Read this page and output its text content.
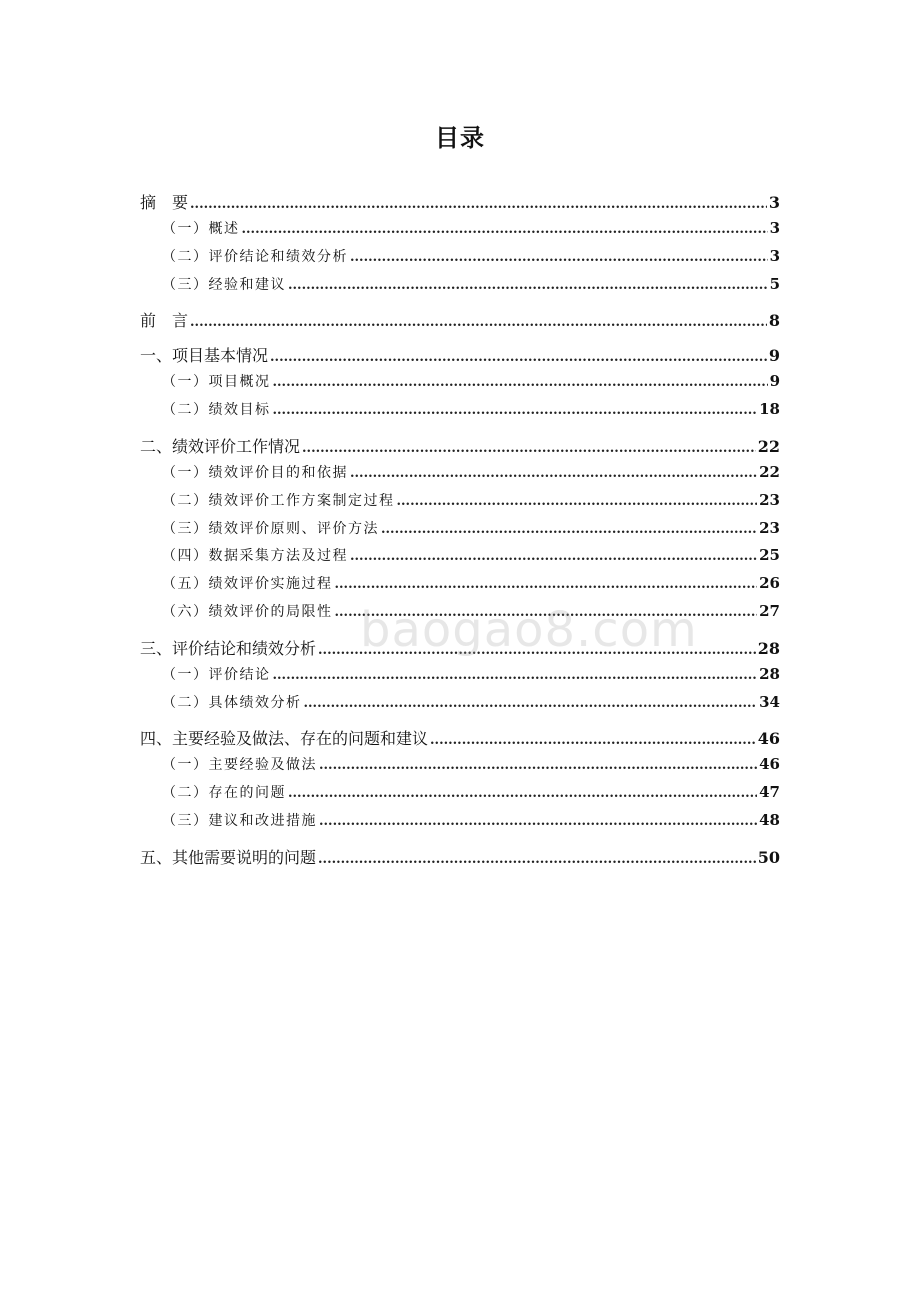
目录
摘　要 .....	3
（一）概述 .....	3
（二）评价结论和绩效分析 .....	3
（三）经验和建议 .....	5
前　言 .....	8
一、项目基本情况 .....	9
（一）项目概况 .....	9
（二）绩效目标 .....	18
二、绩效评价工作情况 .....	22
（一）绩效评价目的和依据 .....	22
（二）绩效评价工作方案制定过程 .....	23
（三）绩效评价原则、评价方法 .....	23
（四）数据采集方法及过程 .....	25
（五）绩效评价实施过程 .....	26
（六）绩效评价的局限性 .....	27
三、评价结论和绩效分析 .....	28
（一）评价结论 .....	28
（二）具体绩效分析 .....	34
四、主要经验及做法、存在的问题和建议 .....	46
（一）主要经验及做法 .....	46
（二）存在的问题 .....	47
（三）建议和改进措施 .....	48
五、其他需要说明的问题 .....	50
baogao8.com
